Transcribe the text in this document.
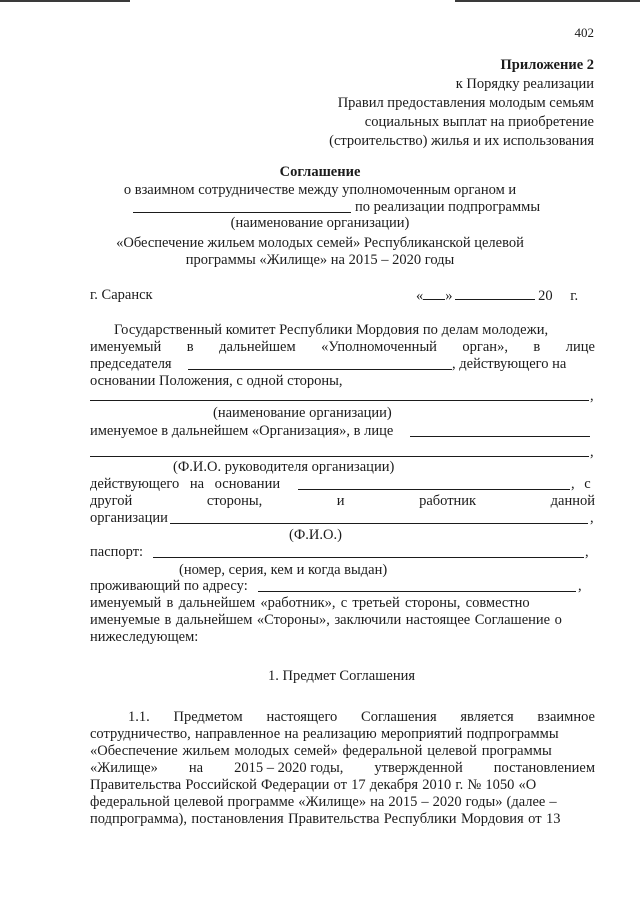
402
Приложение 2
к Порядку реализации
Правил предоставления молодым семьям
социальных выплат на приобретение
(строительство) жилья и их использования
Соглашение
о взаимном сотрудничестве между уполномоченным органом и
по реализации подпрограммы
(наименование организации)
«Обеспечение жильем молодых семей» Республиканской целевой
программы «Жилище» на 2015 – 2020 годы
г. Саранск	« »	20 г.
Государственный комитет Республики Мордовия по делам молодежи,
именуемый в дальнейшем «Уполномоченный орган», в лице
председателя	, действующего на
основании Положения, с одной стороны,
,
(наименование организации)
именуемое в дальнейшем «Организация», в лице
,
(Ф.И.О. руководителя организации)
действующего на основании	, с
другой	стороны,	и	работник	данной
организации	,
(Ф.И.О.)
паспорт:	,
(номер, серия, кем и когда выдан)
проживающий по адресу:	,
именуемый в дальнейшем «работник», с третьей стороны, совместно
именуемые в дальнейшем «Стороны», заключили настоящее Соглашение о
нижеследующем:
1. Предмет Соглашения
1.1. Предметом настоящего Соглашения является взаимное
сотрудничество, направленное на реализацию мероприятий подпрограммы
«Обеспечение жильем молодых семей» федеральной целевой программы
«Жилище» на 2015 – 2020 годы, утвержденной постановлением
Правительства Российской Федерации от 17 декабря 2010 г. № 1050 «О
федеральной целевой программе «Жилище» на 2015 – 2020 годы» (далее –
подпрограмма), постановления Правительства Республики Мордовия от 13
